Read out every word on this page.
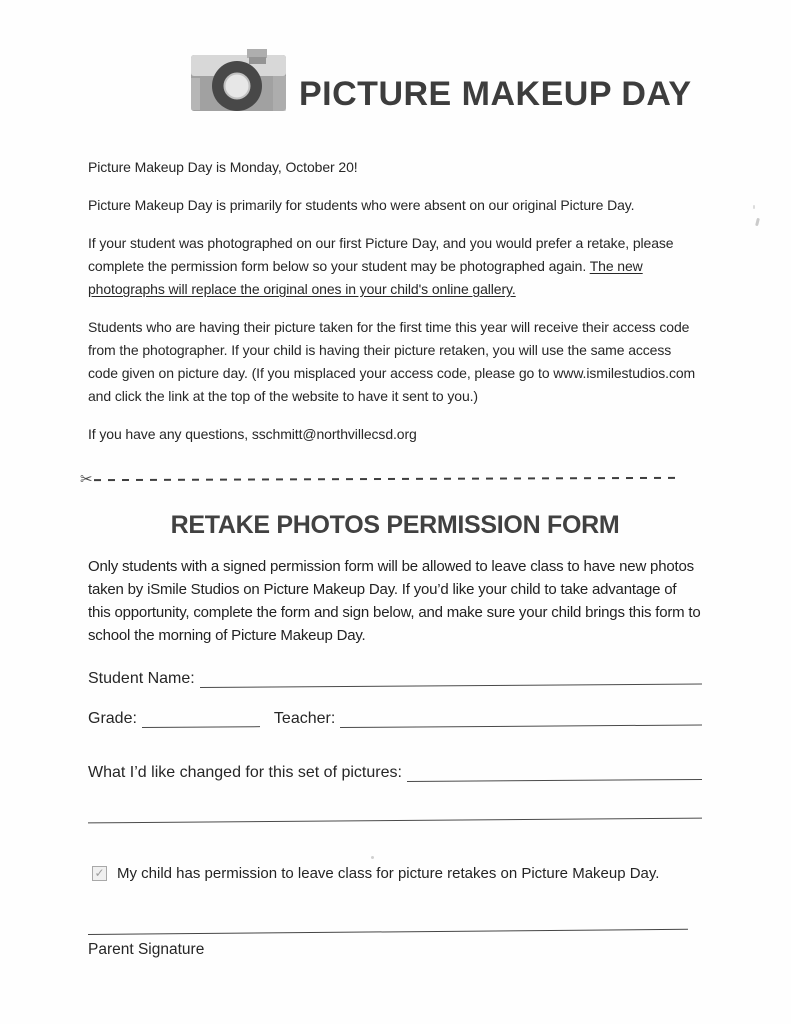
PICTURE MAKEUP DAY

Picture Makeup Day is Monday, October 20!

Picture Makeup Day is primarily for students who were absent on our original Picture Day.

If your student was photographed on our first Picture Day, and you would prefer a retake, please complete the permission form below so your student may be photographed again. The new photographs will replace the original ones in your child's online gallery.

Students who are having their picture taken for the first time this year will receive their access code from the photographer. If your child is having their picture retaken, you will use the same access code given on picture day. (If you misplaced your access code, please go to www.ismilestudios.com and click the link at the top of the website to have it sent to you.)

If you have any questions, sschmitt@northvillecsd.org

✂
RETAKE PHOTOS PERMISSION FORM

Only students with a signed permission form will be allowed to leave class to have new photos taken by iSmile Studios on Picture Makeup Day. If you’d like your child to take advantage of this opportunity, complete the form and sign below, and make sure your child brings this form to school the morning of Picture Makeup Day.

Student Name:
Grade:	Teacher:
What I’d like changed for this set of pictures:
✓ My child has permission to leave class for picture retakes on Picture Makeup Day.
Parent Signature
